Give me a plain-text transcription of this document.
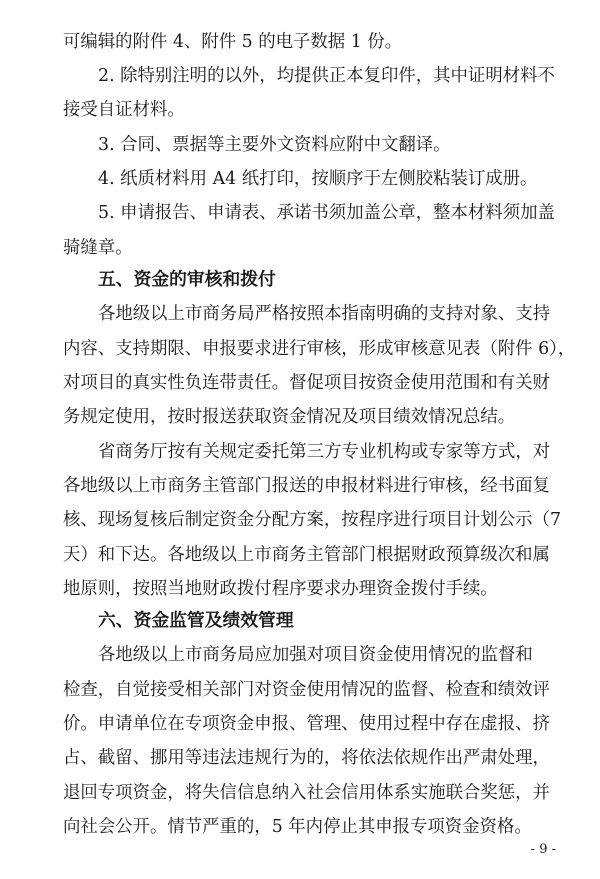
可编辑的附件 4、附件 5 的电子数据 1 份。
2. 除特别注明的以外，均提供正本复印件，其中证明材料不
接受自证材料。
3. 合同、票据等主要外文资料应附中文翻译。
4. 纸质材料用 A4 纸打印，按顺序于左侧胶粘装订成册。
5. 申请报告、申请表、承诺书须加盖公章，整本材料须加盖
骑缝章。
五、资金的审核和拨付
各地级以上市商务局严格按照本指南明确的支持对象、支持
内容、支持期限、申报要求进行审核，形成审核意见表（附件 6），
对项目的真实性负连带责任。督促项目按资金使用范围和有关财
务规定使用，按时报送获取资金情况及项目绩效情况总结。
省商务厅按有关规定委托第三方专业机构或专家等方式，对
各地级以上市商务主管部门报送的申报材料进行审核，经书面复
核、现场复核后制定资金分配方案，按程序进行项目计划公示（7
天）和下达。各地级以上市商务主管部门根据财政预算级次和属
地原则，按照当地财政拨付程序要求办理资金拨付手续。
六、资金监管及绩效管理
各地级以上市商务局应加强对项目资金使用情况的监督和
检查，自觉接受相关部门对资金使用情况的监督、检查和绩效评
价。申请单位在专项资金申报、管理、使用过程中存在虚报、挤
占、截留、挪用等违法违规行为的，将依法依规作出严肃处理，
退回专项资金，将失信信息纳入社会信用体系实施联合奖惩，并
向社会公开。情节严重的，5 年内停止其申报专项资金资格。
- 9 -
